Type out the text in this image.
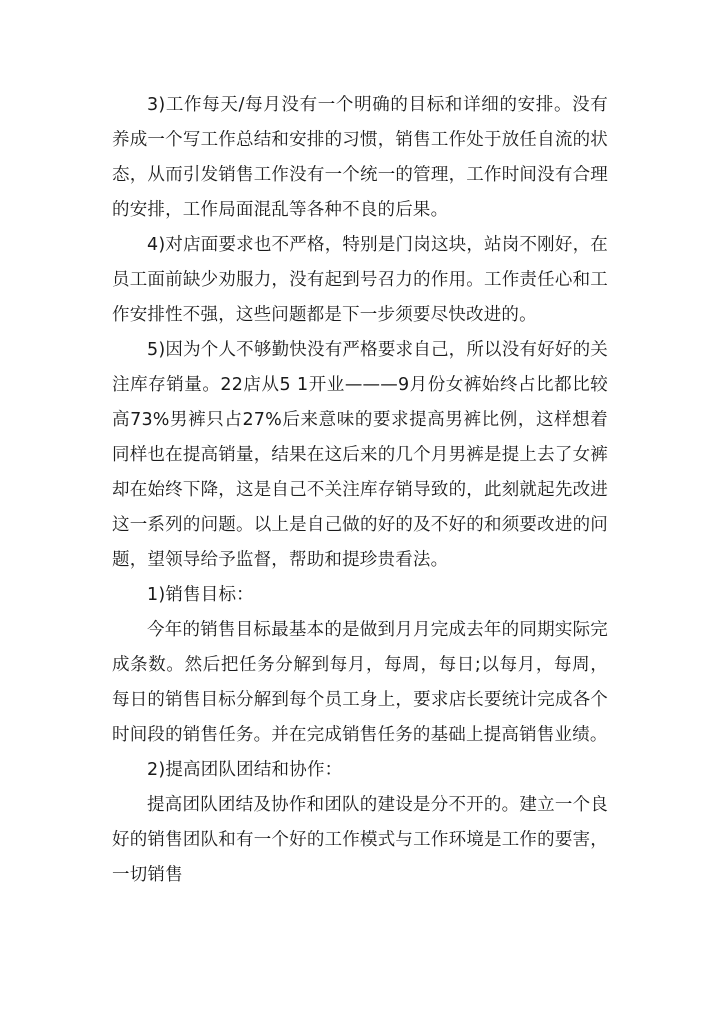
3)工作每天/每月没有一个明确的目标和详细的安排。没有养成一个写工作总结和安排的习惯，销售工作处于放任自流的状态，从而引发销售工作没有一个统一的管理，工作时间没有合理的安排，工作局面混乱等各种不良的后果。

4)对店面要求也不严格，特别是门岗这块，站岗不刚好，在员工面前缺少劝服力，没有起到号召力的作用。工作责任心和工作安排性不强，这些问题都是下一步须要尽快改进的。

5)因为个人不够勤快没有严格要求自己，所以没有好好的关注库存销量。22店从5 1开业———9月份女裤始终占比都比较高73%男裤只占27%后来意味的要求提高男裤比例，这样想着同样也在提高销量，结果在这后来的几个月男裤是提上去了女裤却在始终下降，这是自己不关注库存销导致的，此刻就起先改进这一系列的问题。以上是自己做的好的及不好的和须要改进的问题，望领导给予监督，帮助和提珍贵看法。

1)销售目标：

今年的销售目标最基本的是做到月月完成去年的同期实际完成条数。然后把任务分解到每月，每周，每日;以每月，每周，每日的销售目标分解到每个员工身上，要求店长要统计完成各个时间段的销售任务。并在完成销售任务的基础上提高销售业绩。

2)提高团队团结和协作：

提高团队团结及协作和团队的建设是分不开的。建立一个良好的销售团队和有一个好的工作模式与工作环境是工作的要害，一切销售
